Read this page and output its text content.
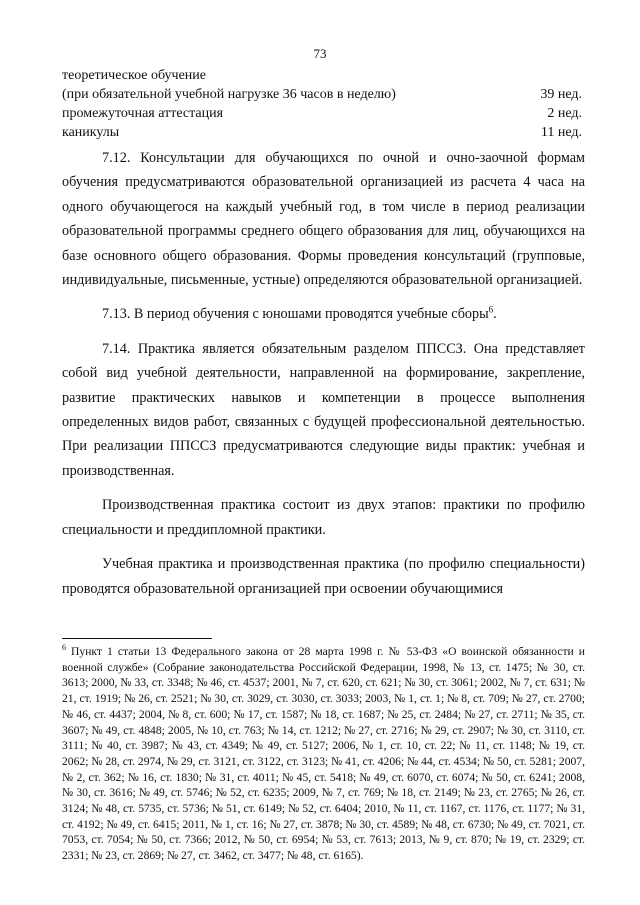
73
теоретическое обучение
(при обязательной учебной нагрузке 36 часов в неделю)	39 нед.
промежуточная аттестация	2 нед.
каникулы	11 нед.

7.12. Консультации для обучающихся по очной и очно-заочной формам обучения предусматриваются образовательной организацией из расчета 4 часа на одного обучающегося на каждый учебный год, в том числе в период реализации образовательной программы среднего общего образования для лиц, обучающихся на базе основного общего образования. Формы проведения консультаций (групповые, индивидуальные, письменные, устные) определяются образовательной организацией.

7.13. В период обучения с юношами проводятся учебные сборы$^6$.

7.14. Практика является обязательным разделом ППССЗ. Она представляет собой вид учебной деятельности, направленной на формирование, закрепление, развитие практических навыков и компетенции в процессе выполнения определенных видов работ, связанных с будущей профессиональной деятельностью. При реализации ППССЗ предусматриваются следующие виды практик: учебная и производственная.

Производственная практика состоит из двух этапов: практики по профилю специальности и преддипломной практики.

Учебная практика и производственная практика (по профилю специальности) проводятся образовательной организацией при освоении обучающимися

$^6$ Пункт 1 статьи 13 Федерального закона от 28 марта 1998 г. № 53-ФЗ «О воинской обязанности и военной службе» (Собрание законодательства Российской Федерации, 1998, № 13, ст. 1475; № 30, ст. 3613; 2000, № 33, ст. 3348; № 46, ст. 4537; 2001, № 7, ст. 620, ст. 621; № 30, ст. 3061; 2002, № 7, ст. 631; № 21, ст. 1919; № 26, ст. 2521; № 30, ст. 3029, ст. 3030, ст. 3033; 2003, № 1, ст. 1; № 8, ст. 709; № 27, ст. 2700; № 46, ст. 4437; 2004, № 8, ст. 600; № 17, ст. 1587; № 18, ст. 1687; № 25, ст. 2484; № 27, ст. 2711; № 35, ст. 3607; № 49, ст. 4848; 2005, № 10, ст. 763; № 14, ст. 1212; № 27, ст. 2716; № 29, ст. 2907; № 30, ст. 3110, ст. 3111; № 40, ст. 3987; № 43, ст. 4349; № 49, ст. 5127; 2006, № 1, ст. 10, ст. 22; № 11, ст. 1148; № 19, ст. 2062; № 28, ст. 2974, № 29, ст. 3121, ст. 3122, ст. 3123; № 41, ст. 4206; № 44, ст. 4534; № 50, ст. 5281; 2007, № 2, ст. 362; № 16, ст. 1830; № 31, ст. 4011; № 45, ст. 5418; № 49, ст. 6070, ст. 6074; № 50, ст. 6241; 2008, № 30, ст. 3616; № 49, ст. 5746; № 52, ст. 6235; 2009, № 7, ст. 769; № 18, ст. 2149; № 23, ст. 2765; № 26, ст. 3124; № 48, ст. 5735, ст. 5736; № 51, ст. 6149; № 52, ст. 6404; 2010, № 11, ст. 1167, ст. 1176, ст. 1177; № 31, ст. 4192; № 49, ст. 6415; 2011, № 1, ст. 16; № 27, ст. 3878; № 30, ст. 4589; № 48, ст. 6730; № 49, ст. 7021, ст. 7053, ст. 7054; № 50, ст. 7366; 2012, № 50, ст. 6954; № 53, ст. 7613; 2013, № 9, ст. 870; № 19, ст. 2329; ст. 2331; № 23, ст. 2869; № 27, ст. 3462, ст. 3477; № 48, ст. 6165).
